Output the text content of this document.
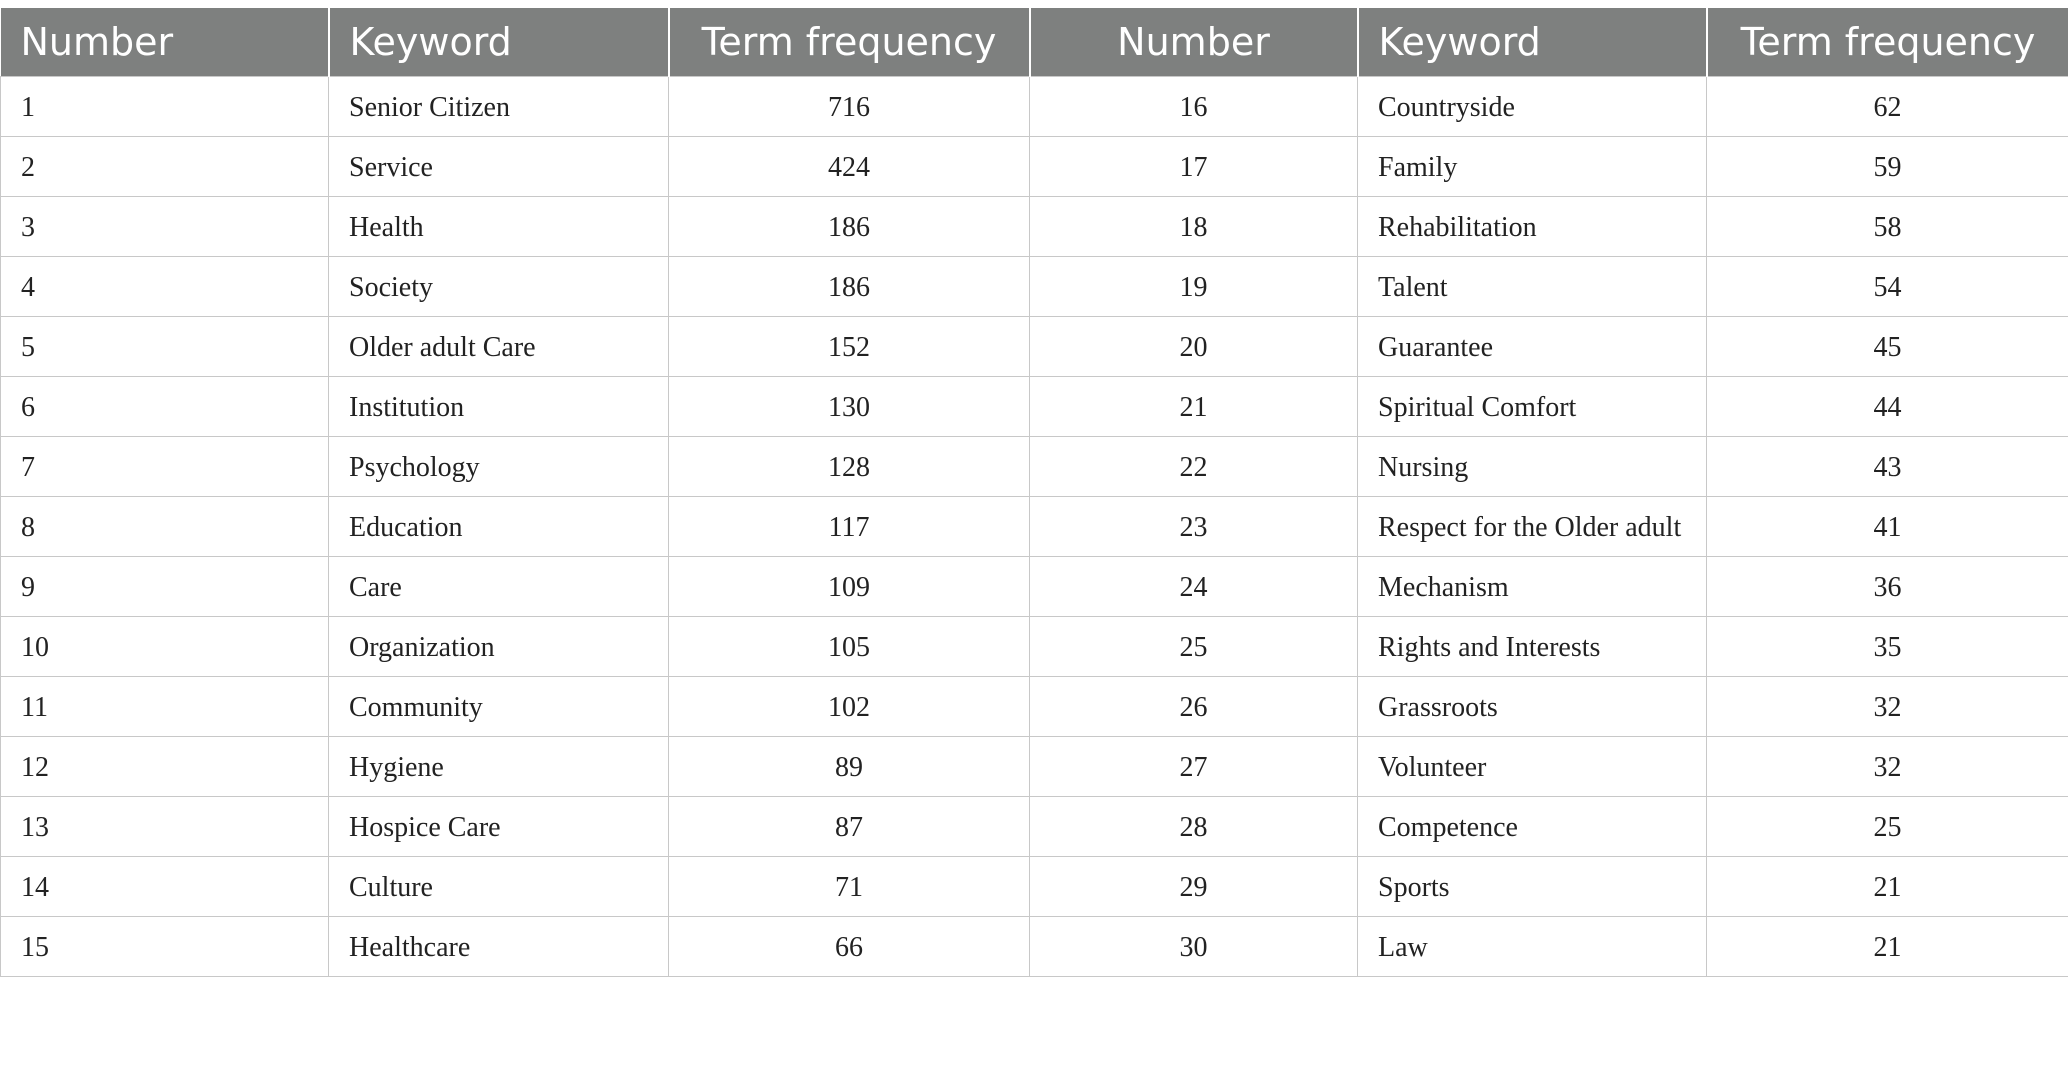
Number	Keyword	Term frequency	Number	Keyword	Term frequency
1	Senior Citizen	716	16	Countryside	62
2	Service	424	17	Family	59
3	Health	186	18	Rehabilitation	58
4	Society	186	19	Talent	54
5	Older adult Care	152	20	Guarantee	45
6	Institution	130	21	Spiritual Comfort	44
7	Psychology	128	22	Nursing	43
8	Education	117	23	Respect for the Older adult	41
9	Care	109	24	Mechanism	36
10	Organization	105	25	Rights and Interests	35
11	Community	102	26	Grassroots	32
12	Hygiene	89	27	Volunteer	32
13	Hospice Care	87	28	Competence	25
14	Culture	71	29	Sports	21
15	Healthcare	66	30	Law	21
